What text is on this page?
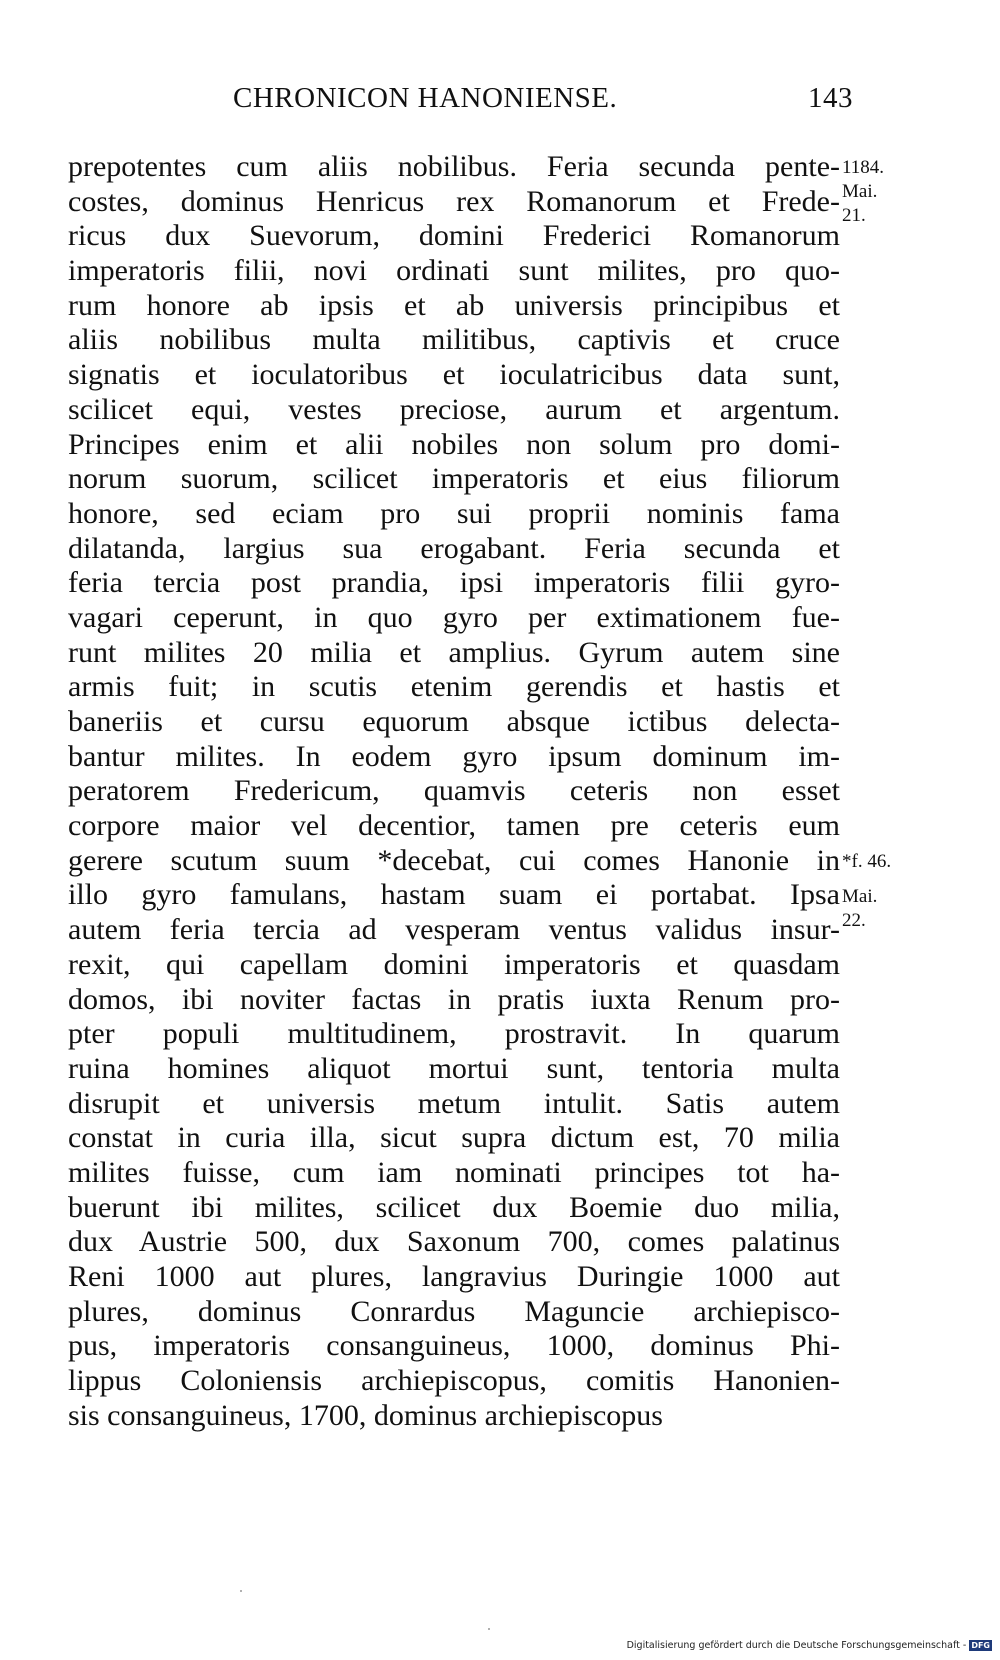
CHRONICON HANONIENSE.	143
prepotentes cum aliis nobilibus. Feria secunda pente-
costes, dominus Henricus rex Romanorum et Frede-
ricus dux Suevorum, domini Frederici Romanorum
imperatoris filii, novi ordinati sunt milites, pro quo-
rum honore ab ipsis et ab universis principibus et
aliis nobilibus multa militibus, captivis et cruce
signatis et ioculatoribus et ioculatricibus data sunt,
scilicet equi, vestes preciose, aurum et argentum.
Principes enim et alii nobiles non solum pro domi-
norum suorum, scilicet imperatoris et eius filiorum
honore, sed eciam pro sui proprii nominis fama
dilatanda, largius sua erogabant. Feria secunda et
feria tercia post prandia, ipsi imperatoris filii gyro-
vagari ceperunt, in quo gyro per extimationem fue-
runt milites 20 milia et amplius. Gyrum autem sine
armis fuit; in scutis etenim gerendis et hastis et
baneriis et cursu equorum absque ictibus delecta-
bantur milites. In eodem gyro ipsum dominum im-
peratorem Fredericum, quamvis ceteris non esset
corpore maior vel decentior, tamen pre ceteris eum
gerere scutum suum *decebat, cui comes Hanonie in
illo gyro famulans, hastam suam ei portabat. Ipsa
autem feria tercia ad vesperam ventus validus insur-
rexit, qui capellam domini imperatoris et quasdam
domos, ibi noviter factas in pratis iuxta Renum pro-
pter populi multitudinem, prostravit. In quarum
ruina homines aliquot mortui sunt, tentoria multa
disrupit et universis metum intulit. Satis autem
constat in curia illa, sicut supra dictum est, 70 milia
milites fuisse, cum iam nominati principes tot ha-
buerunt ibi milites, scilicet dux Boemie duo milia,
dux Austrie 500, dux Saxonum 700, comes palatinus
Reni 1000 aut plures, langravius Duringie 1000 aut
plures, dominus Conrardus Maguncie archiepisco-
pus, imperatoris consanguineus, 1000, dominus Phi-
lippus Coloniensis archiepiscopus, comitis Hanonien-
sis consanguineus, 1700, dominus archiepiscopus
1184.
Mai.
21.
*f. 46.
Mai.
22.
Digitalisierung gefördert durch die Deutsche Forschungsgemeinschaft - DFG
